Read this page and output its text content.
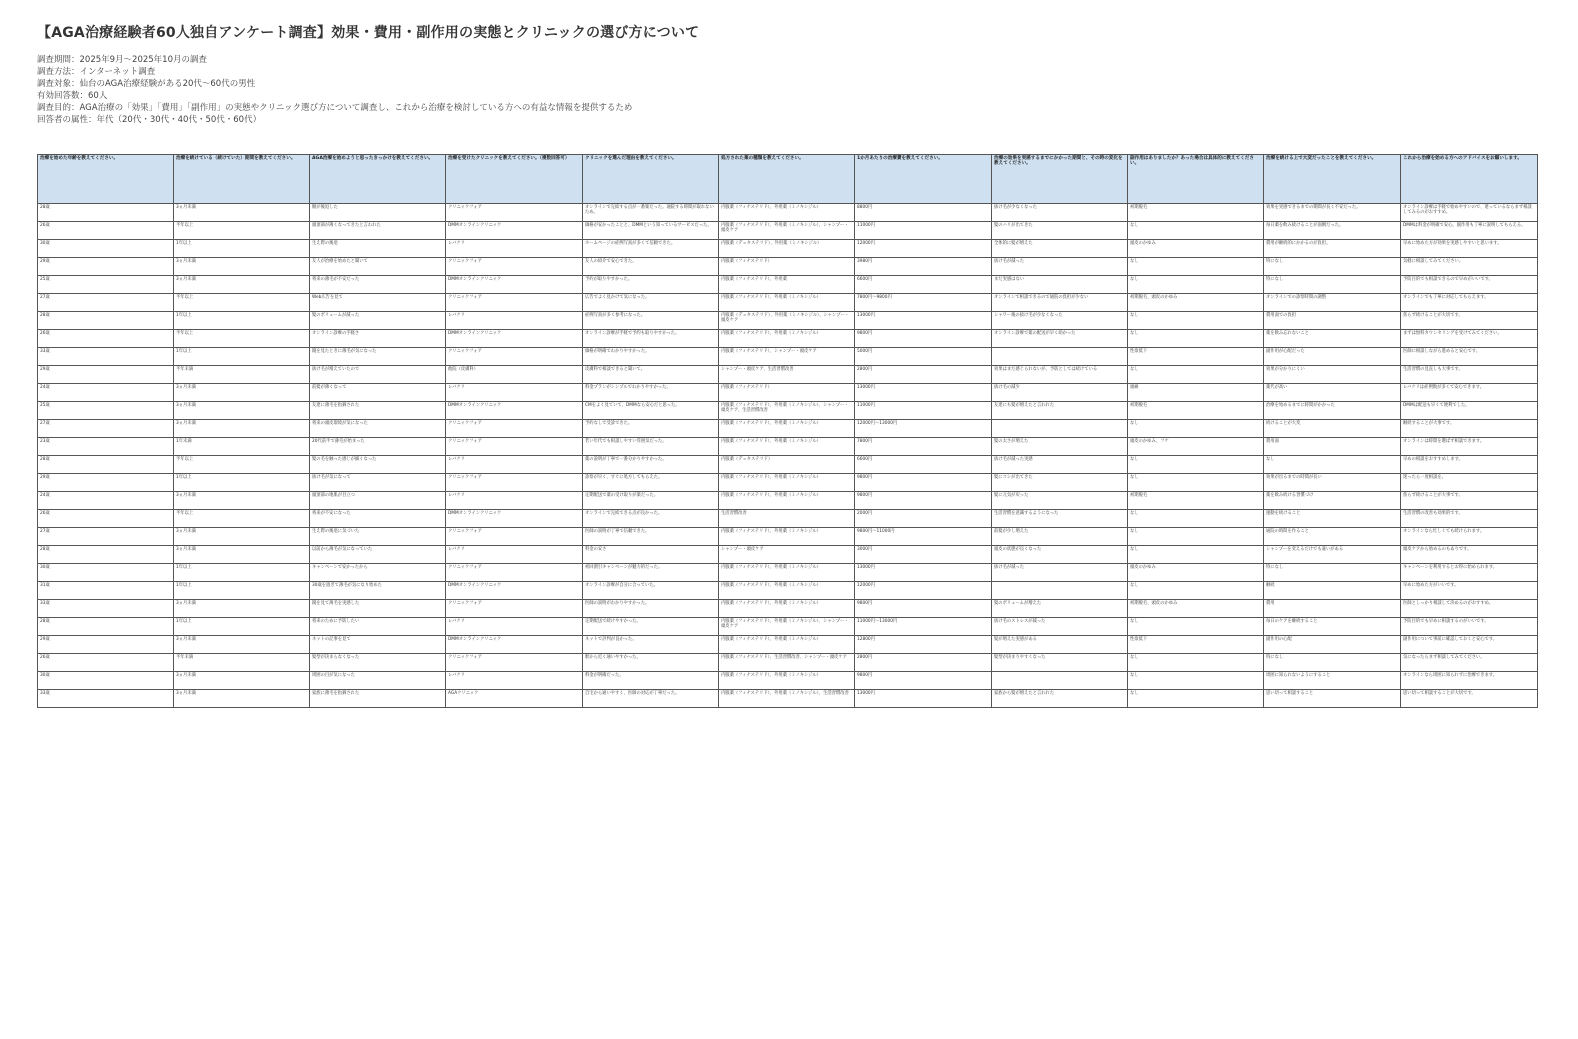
【AGA治療経験者60人独自アンケート調査】効果・費用・副作用の実態とクリニックの選び方について
調査期間：2025年9月～2025年10月の調査
調査方法：インターネット調査
調査対象：仙台のAGA治療経験がある20代～60代の男性
有効回答数：60人
調査目的：AGA治療の「効果」「費用」「副作用」の実態やクリニック選び方について調査し、これから治療を検討している方への有益な情報を提供するため
回答者の属性：年代（20代・30代・40代・50代・60代）
治療を始めた年齢を教えてください。	治療を続けている（続けていた）期間を教えてください。	AGA治療を始めようと思ったきっかけを教えてください。	治療を受けたクリニックを教えてください。（複数回答可）	クリニックを選んだ理由を教えてください。	処方された薬の種類を教えてください。	1か月あたりの治療費を教えてください。	治療の効果を実感するまでにかかった期間と、その時の変化を教えてください。	副作用はありましたか？あった場合は具体的に教えてください。	治療を続ける上で大変だったことを教えてください。	これから治療を始める方へのアドバイスをお願いします。
28歳	3ヵ月未満	額が後退した	クリニックフォア	オンラインで完結する点が一番楽だった。通院する時間が取れないため。	内服薬（フィナステリド）、外用薬（ミノキシジル）	8800円	抜け毛が少なくなった	初期脱毛	効果を実感できるまでの期間が長く不安だった。	オンライン診療は手軽で始めやすいので、迷っているならまず相談してみるのがおすすめ。
26歳	半年以上	頭頂部が薄くなってきたと言われた	DMMオンラインクリニック	価格が安かったことと、DMMという知っているサービスだった。	内服薬（フィナステリド）、外用薬（ミノキシジル）、シャンプー・頭皮ケア	11000円	髪のハリが出てきた	なし	毎日薬を飲み続けることが面倒だった。	DMMは料金が明確で安心。副作用も丁寧に説明してもらえる。
30歳	1年以上	生え際の後退	レバクリ	ホームページの症例写真が多くて信頼できた。	内服薬（デュタステリド）、外用薬（ミノキシジル）	12000円	全体的に髪が増えた	頭皮のかゆみ	費用が継続的にかかるのが負担。	早めに始めた方が効果を実感しやすいと思います。
29歳	3ヵ月未満	友人が治療を始めたと聞いて	クリニックフォア	友人の紹介で安心できた。	内服薬（フィナステリド）	3980円	抜け毛が減った	なし	特になし	気軽に相談してみてください。
25歳	3ヵ月未満	将来の薄毛が不安だった	DMMオンラインクリニック	予約が取りやすかった。	内服薬（フィナステリド）、外用薬	6600円	まだ実感はない	なし	特になし	予防目的でも相談できるので早めがいいです。
27歳	半年以上	Web広告を見て	クリニックフォア	広告でよく見かけて気になった。	内服薬（フィナステリド）、外用薬（ミノキシジル）	7800円～9800円	オンラインで相談できるので通院の負担が少ない	初期脱毛、頭皮のかゆみ	オンラインでの診察時間の調整	オンラインでも丁寧に対応してもらえます。
28歳	1年以上	髪のボリュームが減った	レバクリ	症例写真が多く参考になった。	内服薬（デュタステリド）、外用薬（ミノキシジル）、シャンプー・頭皮ケア	13000円	シャワー後の抜け毛が少なくなった	なし	費用面での負担	焦らず続けることが大切です。
26歳	半年以上	オンライン診療の手軽さ	DMMオンラインクリニック	オンライン診療が手軽で予約も取りやすかった。	内服薬（フィナステリド）、外用薬（ミノキシジル）	9800円	オンライン診療で薬の配送が早く助かった	なし	薬を飲み忘れないこと	まずは無料カウンセリングを受けてみてください。
33歳	1年以上	鏡を見たときに薄毛が気になった	クリニックフォア	価格が明確でわかりやすかった。	内服薬（フィナステリド）、シャンプー・頭皮ケア	5000円		性欲低下	副作用が心配だった	医師に相談しながら進めると安心です。
29歳	半年未満	抜け毛が増えていたので	他院（皮膚科）	皮膚科で相談できると聞いて。	シャンプー・頭皮ケア、生活習慣改善	2800円	効果はまだ感じられないが、予防としては続けている	なし	効果が分かりにくい	生活習慣の見直しも大事です。
24歳	3ヵ月未満	前髪が薄くなって	レバクリ	料金プランがシンプルでわかりやすかった。	内服薬（フィナステリド）	13000円	抜け毛の減少	頭痛	薬代が高い	レバクリは症例数が多くて安心できます。
25歳	3ヵ月未満	友達に薄毛を指摘された	DMMオンラインクリニック	CMをよく見ていて、DMMなら安心だと思った。	内服薬（フィナステリド）、外用薬（ミノキシジル）、シャンプー・頭皮ケア、生活習慣改善	11000円	友達にも髪が増えたと言われた	初期脱毛	治療を始めるまでに時間がかかった	DMMは配送も早くて便利でした。
27歳	3ヵ月未満	将来の頭皮環境が気になった	クリニックフォア	予約なしで受診できた。	内服薬（フィナステリド）、外用薬（ミノキシジル）	12000円～13000円		なし	続けることが大変	継続することが大事です。
23歳	1年未満	20代前半で薄毛が始まった	クリニックフォア	若い年代でも相談しやすい雰囲気だった。	内服薬（フィナステリド）、外用薬（ミノキシジル）	7800円	髪の太さが増えた	頭皮のかゆみ、フケ	費用面	オンラインは時間を選ばず相談できます。
28歳	半年以上	髪の毛を触った感じが細くなった	レバクリ	薬の説明が丁寧で一番分かりやすかった。	内服薬（デュタステリド）	6600円	抜け毛が減った実感	なし	なし	早めの相談をおすすめします。
29歳	1年以上	抜け毛が気になって	クリニックフォア	診察が早く、すぐに処方してもらえた。	内服薬（フィナステリド）、外用薬（ミノキシジル）	9800円	髪にコシが出てきた	なし	効果が出るまでの時間が長い	迷ったら一度相談を。
24歳	3ヵ月未満	頭頂部の地肌が目立つ	レバクリ	定期配送で薬の受け取りが楽だった。	内服薬（フィナステリド）、外用薬（ミノキシジル）	9800円	髪に元気が戻った	初期脱毛	薬を飲み続ける習慣づけ	焦らず続けることが大事です。
26歳	半年以上	将来が不安になった	DMMオンラインクリニック	オンラインで完結できる点が良かった。	生活習慣改善	2000円	生活習慣を意識するようになった	なし	運動を続けること	生活習慣の改善も効果的です。
27歳	3ヵ月未満	生え際の後退に気づいた	クリニックフォア	医師の説明が丁寧で信頼できた。	内服薬（フィナステリド）、外用薬（ミノキシジル）	9800円～11000円	前髪が少し増えた	なし	通院の時間を作ること	オンラインなら忙しくても続けられます。
28歳	3ヵ月未満	以前から薄毛が気になっていた	レバクリ	料金の安さ	シャンプー・頭皮ケア	3000円	頭皮の状態が良くなった	なし	シャンプーを変えるだけでも違いがある	頭皮ケアから始めるのもありです。
30歳	1年以上	キャンペーンで安かったから	クリニックフォア	初回割引キャンペーンが魅力的だった。	内服薬（フィナステリド）、外用薬（ミノキシジル）	13000円	抜け毛が減った	頭皮のかゆみ	特になし	キャンペーンを利用するとお得に始められます。
31歳	1年以上	30歳を過ぎて薄毛が気になり始めた	DMMオンラインクリニック	オンライン診療が自分に合っていた。	内服薬（フィナステリド）、外用薬（ミノキシジル）	12000円		なし	継続	早めに始めた方がいいです。
33歳	3ヵ月未満	鏡を見て薄毛を実感した	クリニックフォア	医師の説明がわかりやすかった。	内服薬（フィナステリド）、外用薬（ミノキシジル）	9800円	髪のボリュームが増えた	初期脱毛、頭皮のかゆみ	費用	医師としっかり相談して決めるのがおすすめ。
28歳	1年以上	将来のために予防したい	レバクリ	定期配送で続けやすかった。	内服薬（フィナステリド）、外用薬（ミノキシジル）、シャンプー・頭皮ケア	11000円～13000円	抜け毛のストレスが減った	なし	毎日のケアを継続すること	予防目的でも早めに相談するのがいいです。
29歳	3ヵ月未満	ネットの記事を見て	DMMオンラインクリニック	ネットで評判が良かった。	内服薬（フィナステリド）、外用薬（ミノキシジル）	12800円	髪が増えた実感がある	性欲低下	副作用の心配	副作用について事前に確認しておくと安心です。
26歳	半年未満	髪型が決まらなくなった	クリニックフォア	駅から近く通いやすかった。	内服薬（フィナステリド）、生活習慣改善、シャンプー・頭皮ケア	2800円	髪型が決まりやすくなった	なし	特になし	気になったらまず相談してみてください。
30歳	3ヵ月未満	周囲の目が気になった	レバクリ	料金が明確だった。	内服薬（フィナステリド）、外用薬（ミノキシジル）	9800円		なし	周囲に知られないようにすること	オンラインなら周囲に知られずに治療できます。
33歳	3ヵ月未満	家族に薄毛を指摘された	AGAクリニック	自宅から通いやすく、医師の対応が丁寧だった。	内服薬（フィナステリド）、外用薬（ミノキシジル）、生活習慣改善	13000円	家族から髪が増えたと言われた	なし	思い切って相談すること	思い切って相談することが大切です。
